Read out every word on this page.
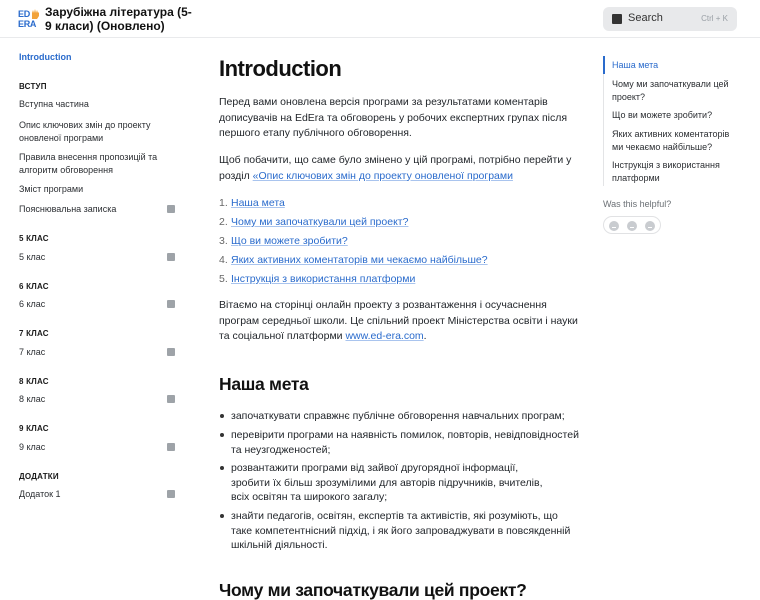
ED
ERA
Зарубіжна література (5-9 класи) (Оновлено)
Search	Ctrl + K
Introduction
ВСТУП
Вступна частина
Опис ключових змін до проекту оновленої програми
Правила внесення пропозицій та алгоритм обговорення
Зміст програми
Пояснювальна записка
5 КЛАС
5 клас
6 КЛАС
6 клас
7 КЛАС
7 клас
8 КЛАС
8 клас
9 КЛАС
9 клас
ДОДАТКИ
Додаток 1
Introduction
Перед вами оновлена версія програми за результатами коментарів дописувачів на EdEra та обговорень у робочих експертних групах після першого етапу публічного обговорення.
Щоб побачити, що саме було змінено у цій програмі, потрібно перейти у розділ «Опис ключових змін до проекту оновленої програми
1. Наша мета
2. Чому ми започаткували цей проект?
3. Що ви можете зробити?
4. Яких активних коментаторів ми чекаємо найбільше?
5. Інструкція з використання платформи
Вітаємо на сторінці онлайн проекту з розвантаження і осучаснення програм середньої школи. Це спільний проект Міністерства освіти і науки та соціальної платформи www.ed-era.com.
Наша мета
започаткувати справжнє публічне обговорення навчальних програм;
перевірити програми на наявність помилок, повторів, невідповідностей та неузгодженостей;
розвантажити програми від зайвої другорядної інформації, зробити їх більш зрозумілими для авторів підручників, вчителів, всіх освітян та широкого загалу;
знайти педагогів, освітян, експертів та активістів, які розуміють, що таке компетентнісний підхід, і як його запроваджувати в повсякденній шкільній діяльності.
Чому ми започаткували цей проект?
Наша мета
Чому ми започаткували цей проект?
Що ви можете зробити?
Яких активних коментаторів ми чекаємо найбільше?
Інструкція з використання платформи
Was this helpful?
